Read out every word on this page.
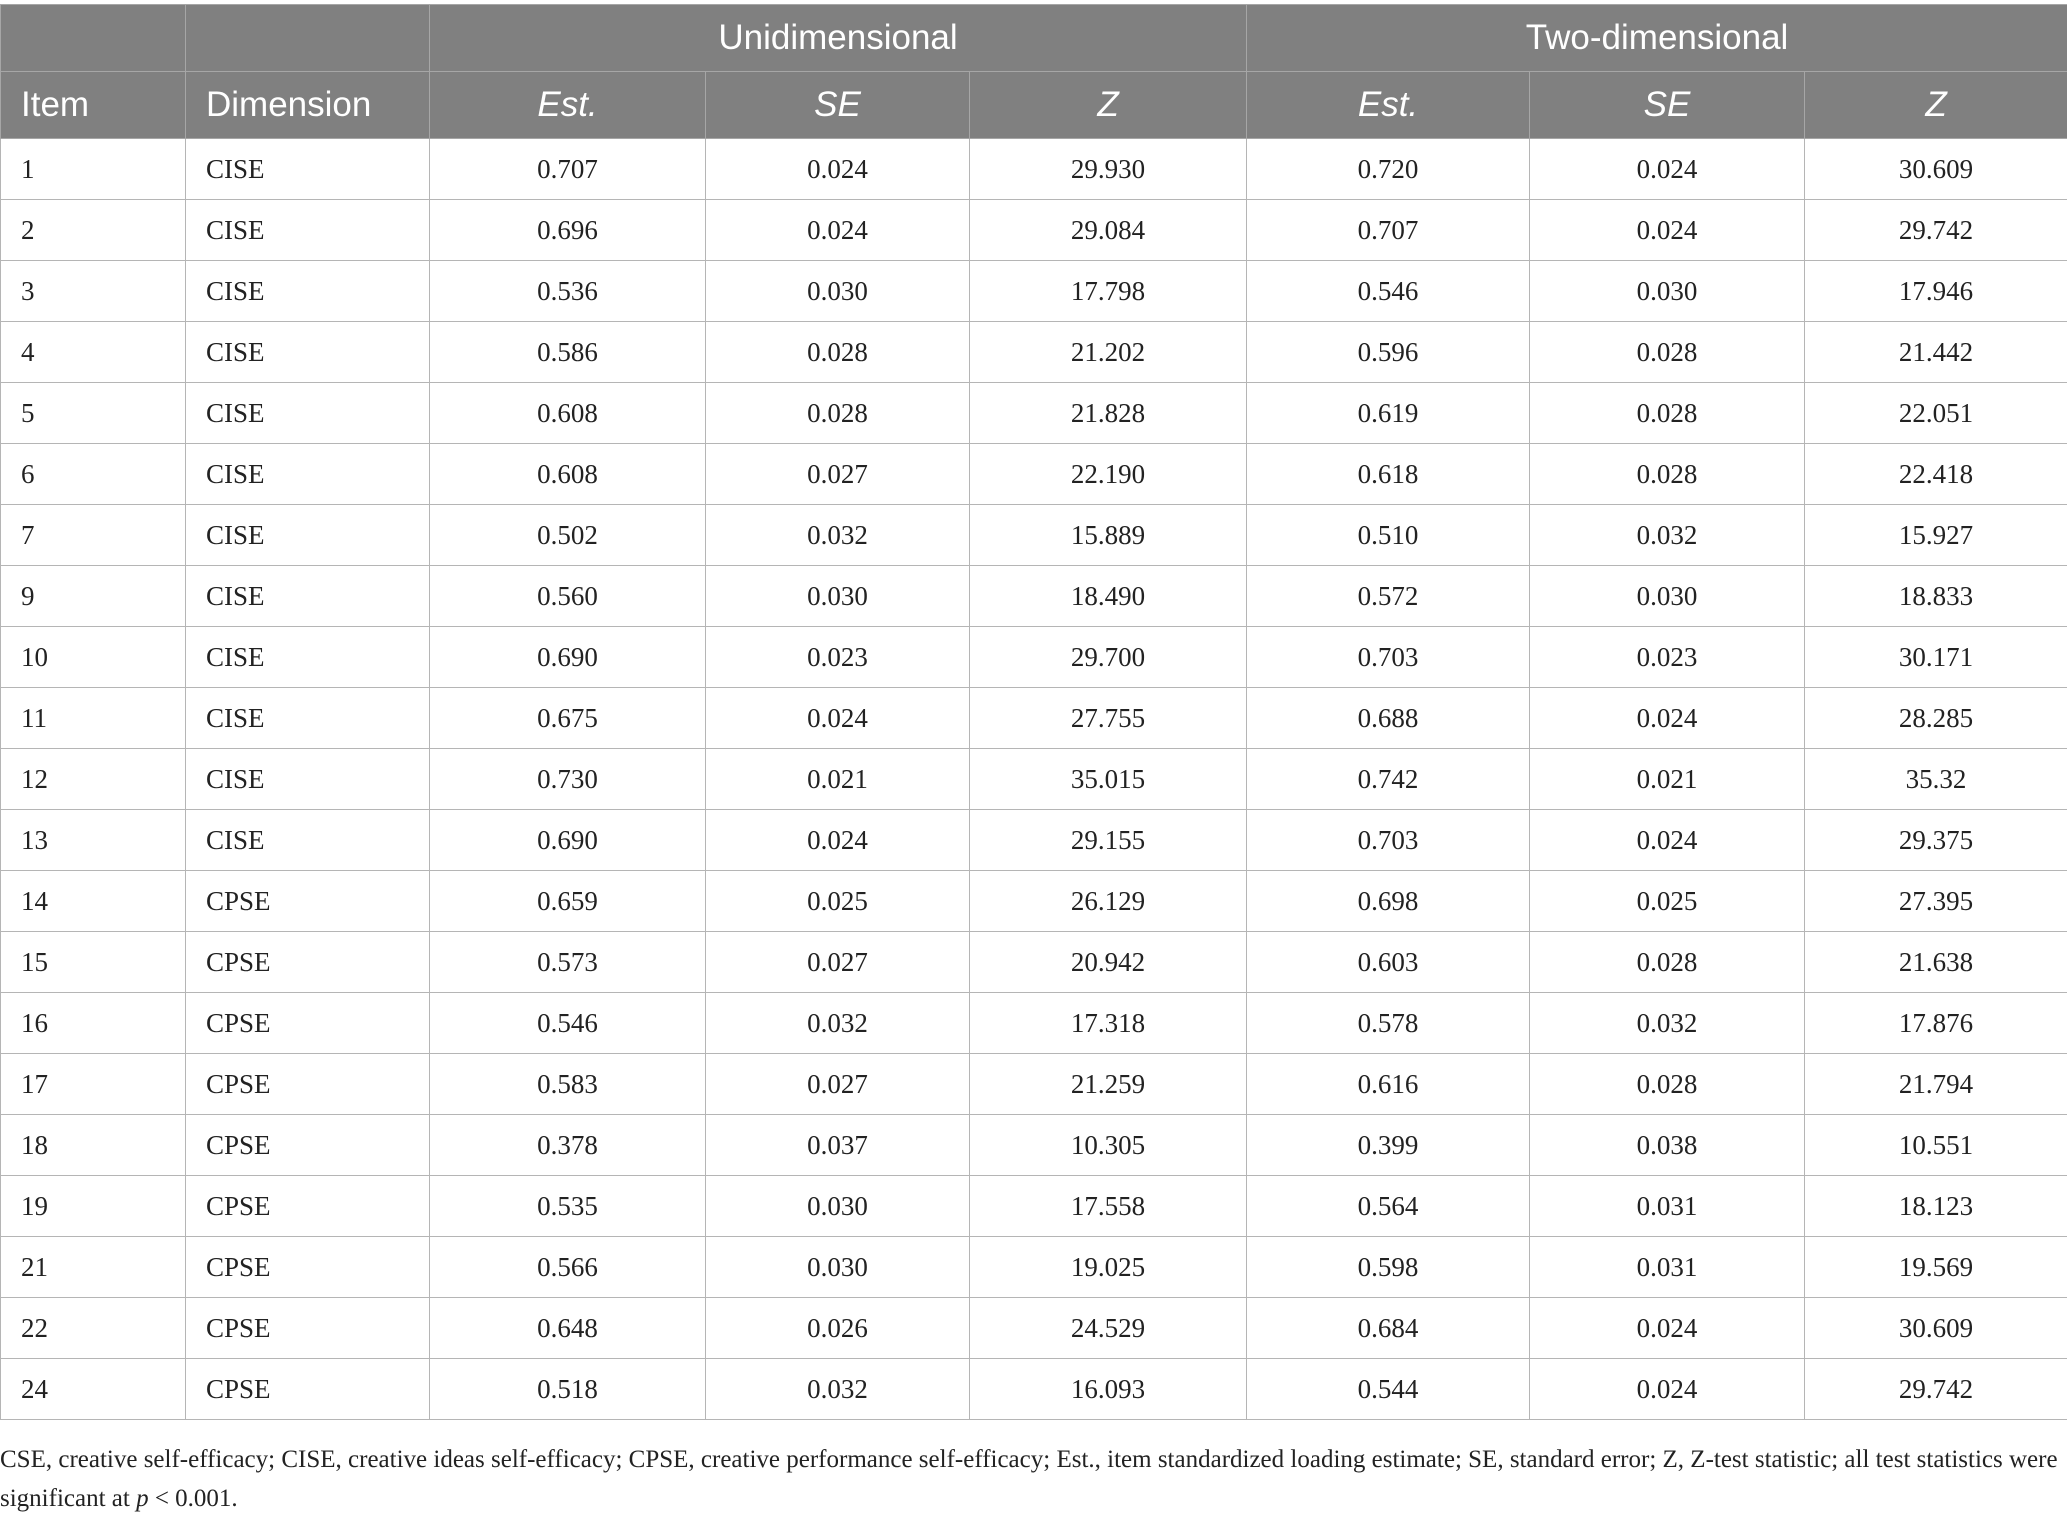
		Unidimensional			Two-dimensional		
Item	Dimension	Est.	SE	Z	Est.	SE	Z
1	CISE	0.707	0.024	29.930	0.720	0.024	30.609
2	CISE	0.696	0.024	29.084	0.707	0.024	29.742
3	CISE	0.536	0.030	17.798	0.546	0.030	17.946
4	CISE	0.586	0.028	21.202	0.596	0.028	21.442
5	CISE	0.608	0.028	21.828	0.619	0.028	22.051
6	CISE	0.608	0.027	22.190	0.618	0.028	22.418
7	CISE	0.502	0.032	15.889	0.510	0.032	15.927
9	CISE	0.560	0.030	18.490	0.572	0.030	18.833
10	CISE	0.690	0.023	29.700	0.703	0.023	30.171
11	CISE	0.675	0.024	27.755	0.688	0.024	28.285
12	CISE	0.730	0.021	35.015	0.742	0.021	35.32
13	CISE	0.690	0.024	29.155	0.703	0.024	29.375
14	CPSE	0.659	0.025	26.129	0.698	0.025	27.395
15	CPSE	0.573	0.027	20.942	0.603	0.028	21.638
16	CPSE	0.546	0.032	17.318	0.578	0.032	17.876
17	CPSE	0.583	0.027	21.259	0.616	0.028	21.794
18	CPSE	0.378	0.037	10.305	0.399	0.038	10.551
19	CPSE	0.535	0.030	17.558	0.564	0.031	18.123
21	CPSE	0.566	0.030	19.025	0.598	0.031	19.569
22	CPSE	0.648	0.026	24.529	0.684	0.024	30.609
24	CPSE	0.518	0.032	16.093	0.544	0.024	29.742
CSE, creative self-efficacy; CISE, creative ideas self-efficacy; CPSE, creative performance self-efficacy; Est., item standardized loading estimate; SE, standard error; Z, Z-test statistic; all test statistics were significant at p < 0.001.
